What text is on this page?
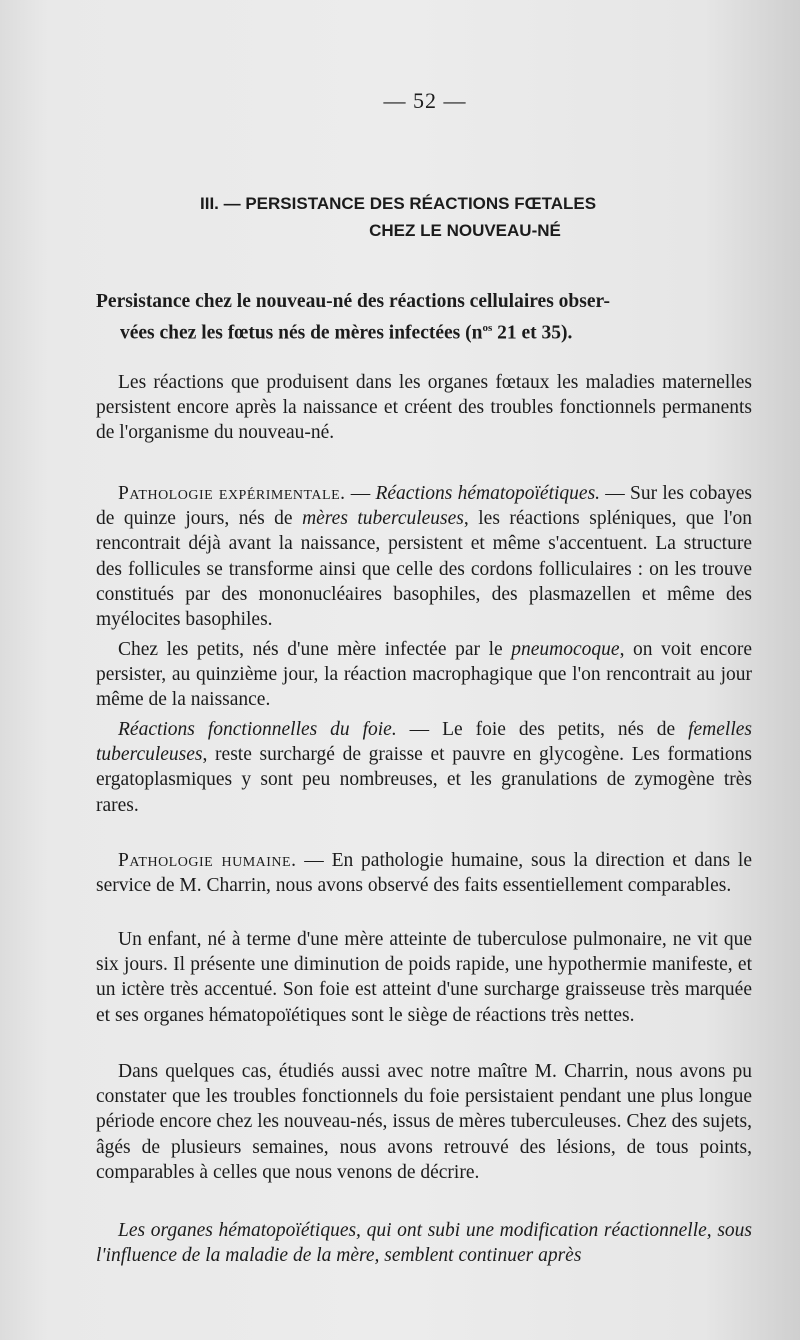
— 52 —
III. — PERSISTANCE DES RÉACTIONS FŒTALES
CHEZ LE NOUVEAU-NÉ
Persistance chez le nouveau-né des réactions cellulaires obser-
vées chez les fœtus nés de mères infectées ($n^{os}$ 21 et 35).

Les réactions que produisent dans les organes fœtaux les maladies maternelles persistent encore après la naissance et créent des troubles fonctionnels permanents de l'organisme du nouveau-né.

Pathologie expérimentale. — Réactions hématopoïétiques. — Sur les cobayes de quinze jours, nés de mères tuberculeuses, les réactions spléniques, que l'on rencontrait déjà avant la naissance, persistent et même s'accentuent. La structure des follicules se transforme ainsi que celle des cordons folliculaires : on les trouve constitués par des mononucléaires basophiles, des plasmazellen et même des myélocites basophiles.

Chez les petits, nés d'une mère infectée par le pneumocoque, on voit encore persister, au quinzième jour, la réaction macrophagique que l'on rencontrait au jour même de la naissance.

Réactions fonctionnelles du foie. — Le foie des petits, nés de femelles tuberculeuses, reste surchargé de graisse et pauvre en glycogène. Les formations ergatoplasmiques y sont peu nombreuses, et les granulations de zymogène très rares.

Pathologie humaine. — En pathologie humaine, sous la direction et dans le service de M. Charrin, nous avons observé des faits essentiellement comparables.

Un enfant, né à terme d'une mère atteinte de tuberculose pulmonaire, ne vit que six jours. Il présente une diminution de poids rapide, une hypothermie manifeste, et un ictère très accentué. Son foie est atteint d'une surcharge graisseuse très marquée et ses organes hématopoïétiques sont le siège de réactions très nettes.

Dans quelques cas, étudiés aussi avec notre maître M. Charrin, nous avons pu constater que les troubles fonctionnels du foie persistaient pendant une plus longue période encore chez les nouveau-nés, issus de mères tuberculeuses. Chez des sujets, âgés de plusieurs semaines, nous avons retrouvé des lésions, de tous points, comparables à celles que nous venons de décrire.

Les organes hématopoïétiques, qui ont subi une modification réactionnelle, sous l'influence de la maladie de la mère, semblent continuer après
